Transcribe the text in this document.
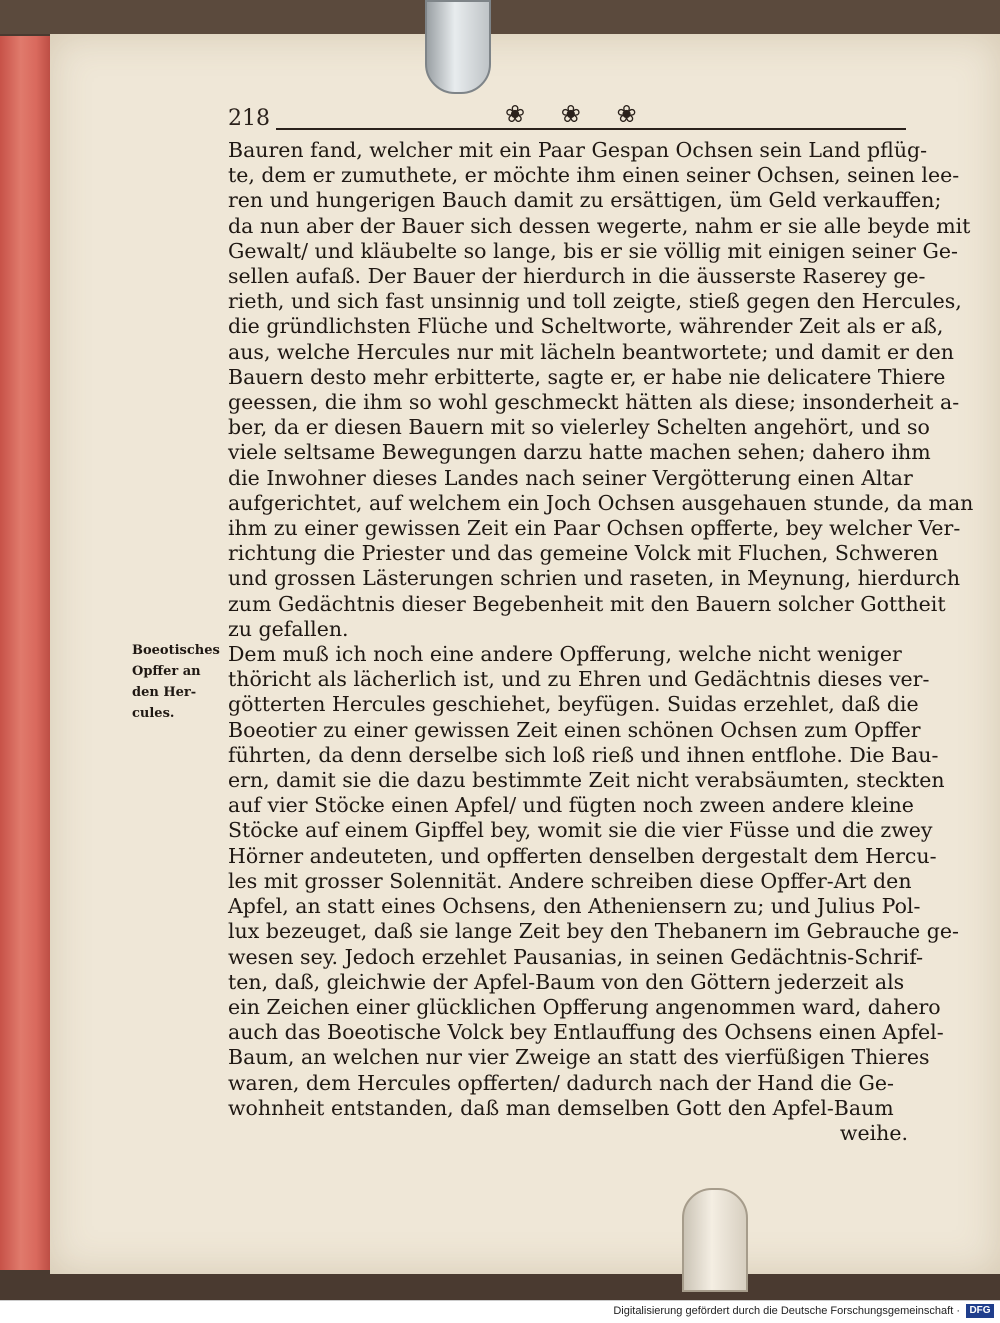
218	❀ ❀ ❀
Boeotisches
Opffer an
den Her-
cules.
Bauren fand, welcher mit ein Paar Gespan Ochsen sein Land pflüg-
te, dem er zumuthete, er möchte ihm einen seiner Ochsen, seinen lee-
ren und hungerigen Bauch damit zu ersättigen, üm Geld verkauffen;
da nun aber der Bauer sich dessen wegerte, nahm er sie alle beyde mit
Gewalt/ und kläubelte so lange, bis er sie völlig mit einigen seiner Ge-
sellen aufaß. Der Bauer der hierdurch in die äusserste Raserey ge-
rieth, und sich fast unsinnig und toll zeigte, stieß gegen den Hercules,
die gründlichsten Flüche und Scheltworte, währender Zeit als er aß,
aus, welche Hercules nur mit lächeln beantwortete; und damit er den
Bauern desto mehr erbitterte, sagte er, er habe nie delicatere Thiere
geessen, die ihm so wohl geschmeckt hätten als diese; insonderheit a-
ber, da er diesen Bauern mit so vielerley Schelten angehört, und so
viele seltsame Bewegungen darzu hatte machen sehen; dahero ihm
die Inwohner dieses Landes nach seiner Vergötterung einen Altar
aufgerichtet, auf welchem ein Joch Ochsen ausgehauen stunde, da man
ihm zu einer gewissen Zeit ein Paar Ochsen opfferte, bey welcher Ver-
richtung die Priester und das gemeine Volck mit Fluchen, Schweren
und grossen Lästerungen schrien und raseten, in Meynung, hierdurch
zum Gedächtnis dieser Begebenheit mit den Bauern solcher Gottheit
zu gefallen.
Dem muß ich noch eine andere Opfferung, welche nicht weniger
thöricht als lächerlich ist, und zu Ehren und Gedächtnis dieses ver-
götterten Hercules geschiehet, beyfügen. Suidas erzehlet, daß die
Boeotier zu einer gewissen Zeit einen schönen Ochsen zum Opffer
führten, da denn derselbe sich loß rieß und ihnen entflohe. Die Bau-
ern, damit sie die dazu bestimmte Zeit nicht verabsäumten, steckten
auf vier Stöcke einen Apfel/ und fügten noch zween andere kleine
Stöcke auf einem Gipffel bey, womit sie die vier Füsse und die zwey
Hörner andeuteten, und opfferten denselben dergestalt dem Hercu-
les mit grosser Solennität. Andere schreiben diese Opffer-Art den
Apfel, an statt eines Ochsens, den Atheniensern zu; und Julius Pol-
lux bezeuget, daß sie lange Zeit bey den Thebanern im Gebrauche ge-
wesen sey. Jedoch erzehlet Pausanias, in seinen Gedächtnis-Schrif-
ten, daß, gleichwie der Apfel-Baum von den Göttern jederzeit als
ein Zeichen einer glücklichen Opfferung angenommen ward, dahero
auch das Boeotische Volck bey Entlauffung des Ochsens einen Apfel-
Baum, an welchen nur vier Zweige an statt des vierfüßigen Thieres
waren, dem Hercules opfferten/ dadurch nach der Hand die Ge-
wohnheit entstanden, daß man demselben Gott den Apfel-Baum
weihe.
Digitalisierung gefördert durch die Deutsche Forschungsgemeinschaft · DFG
